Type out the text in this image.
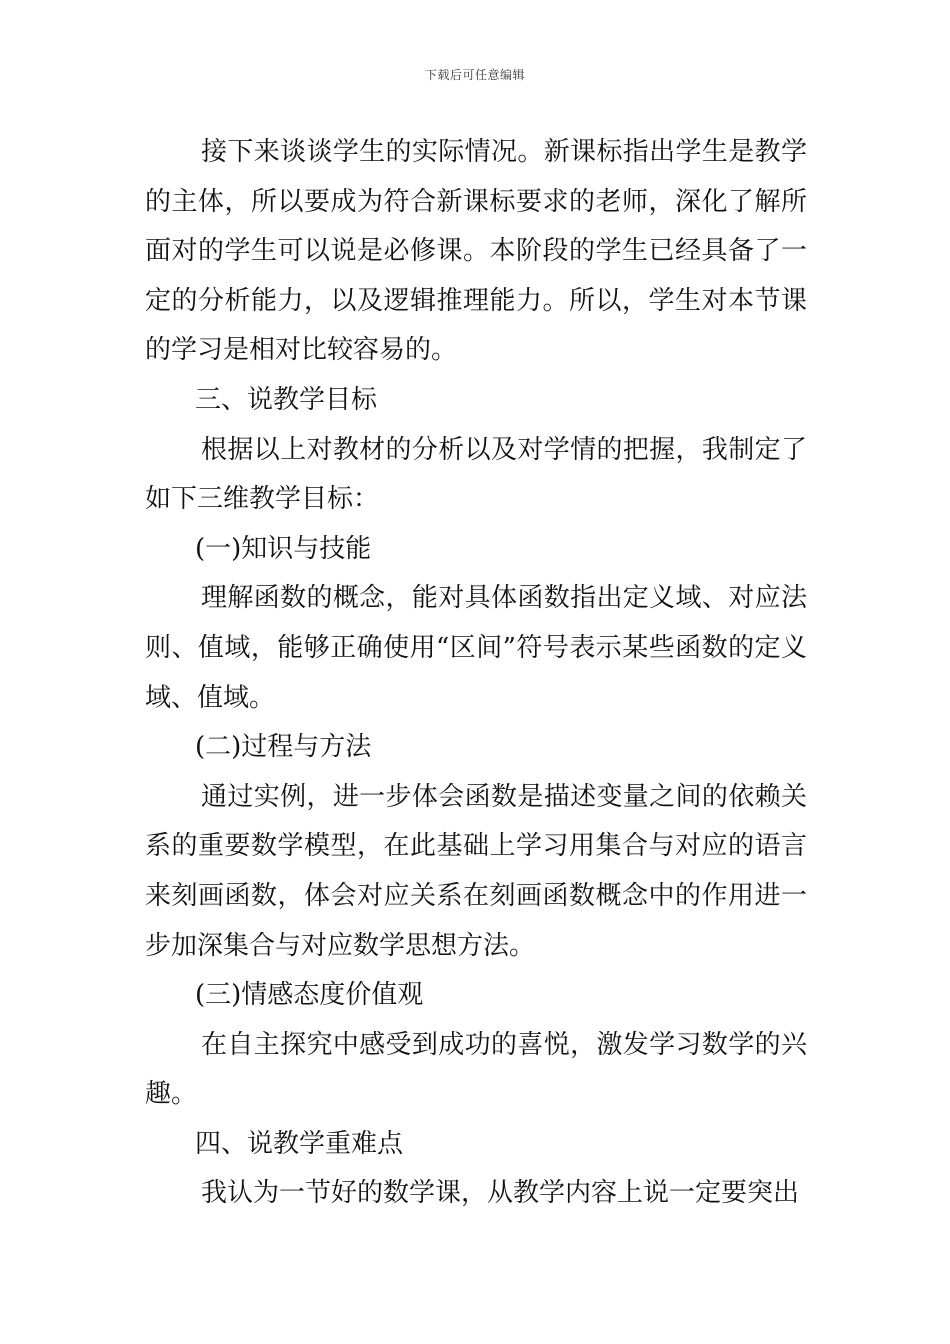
下载后可任意编辑

接下来谈谈学生的实际情况。新课标指出学生是教学的主体，所以要成为符合新课标要求的老师，深化了解所面对的学生可以说是必修课。本阶段的学生已经具备了一定的分析能力，以及逻辑推理能力。所以，学生对本节课的学习是相对比较容易的。

三、说教学目标

根据以上对教材的分析以及对学情的把握，我制定了如下三维教学目标：

(一)知识与技能

理解函数的概念，能对具体函数指出定义域、对应法则、值域，能够正确使用“区间”符号表示某些函数的定义域、值域。

(二)过程与方法

通过实例，进一步体会函数是描述变量之间的依赖关系的重要数学模型，在此基础上学习用集合与对应的语言来刻画函数，体会对应关系在刻画函数概念中的作用进一步加深集合与对应数学思想方法。

(三)情感态度价值观

在自主探究中感受到成功的喜悦，激发学习数学的兴趣。

四、说教学重难点

我认为一节好的数学课，从教学内容上说一定要突出
